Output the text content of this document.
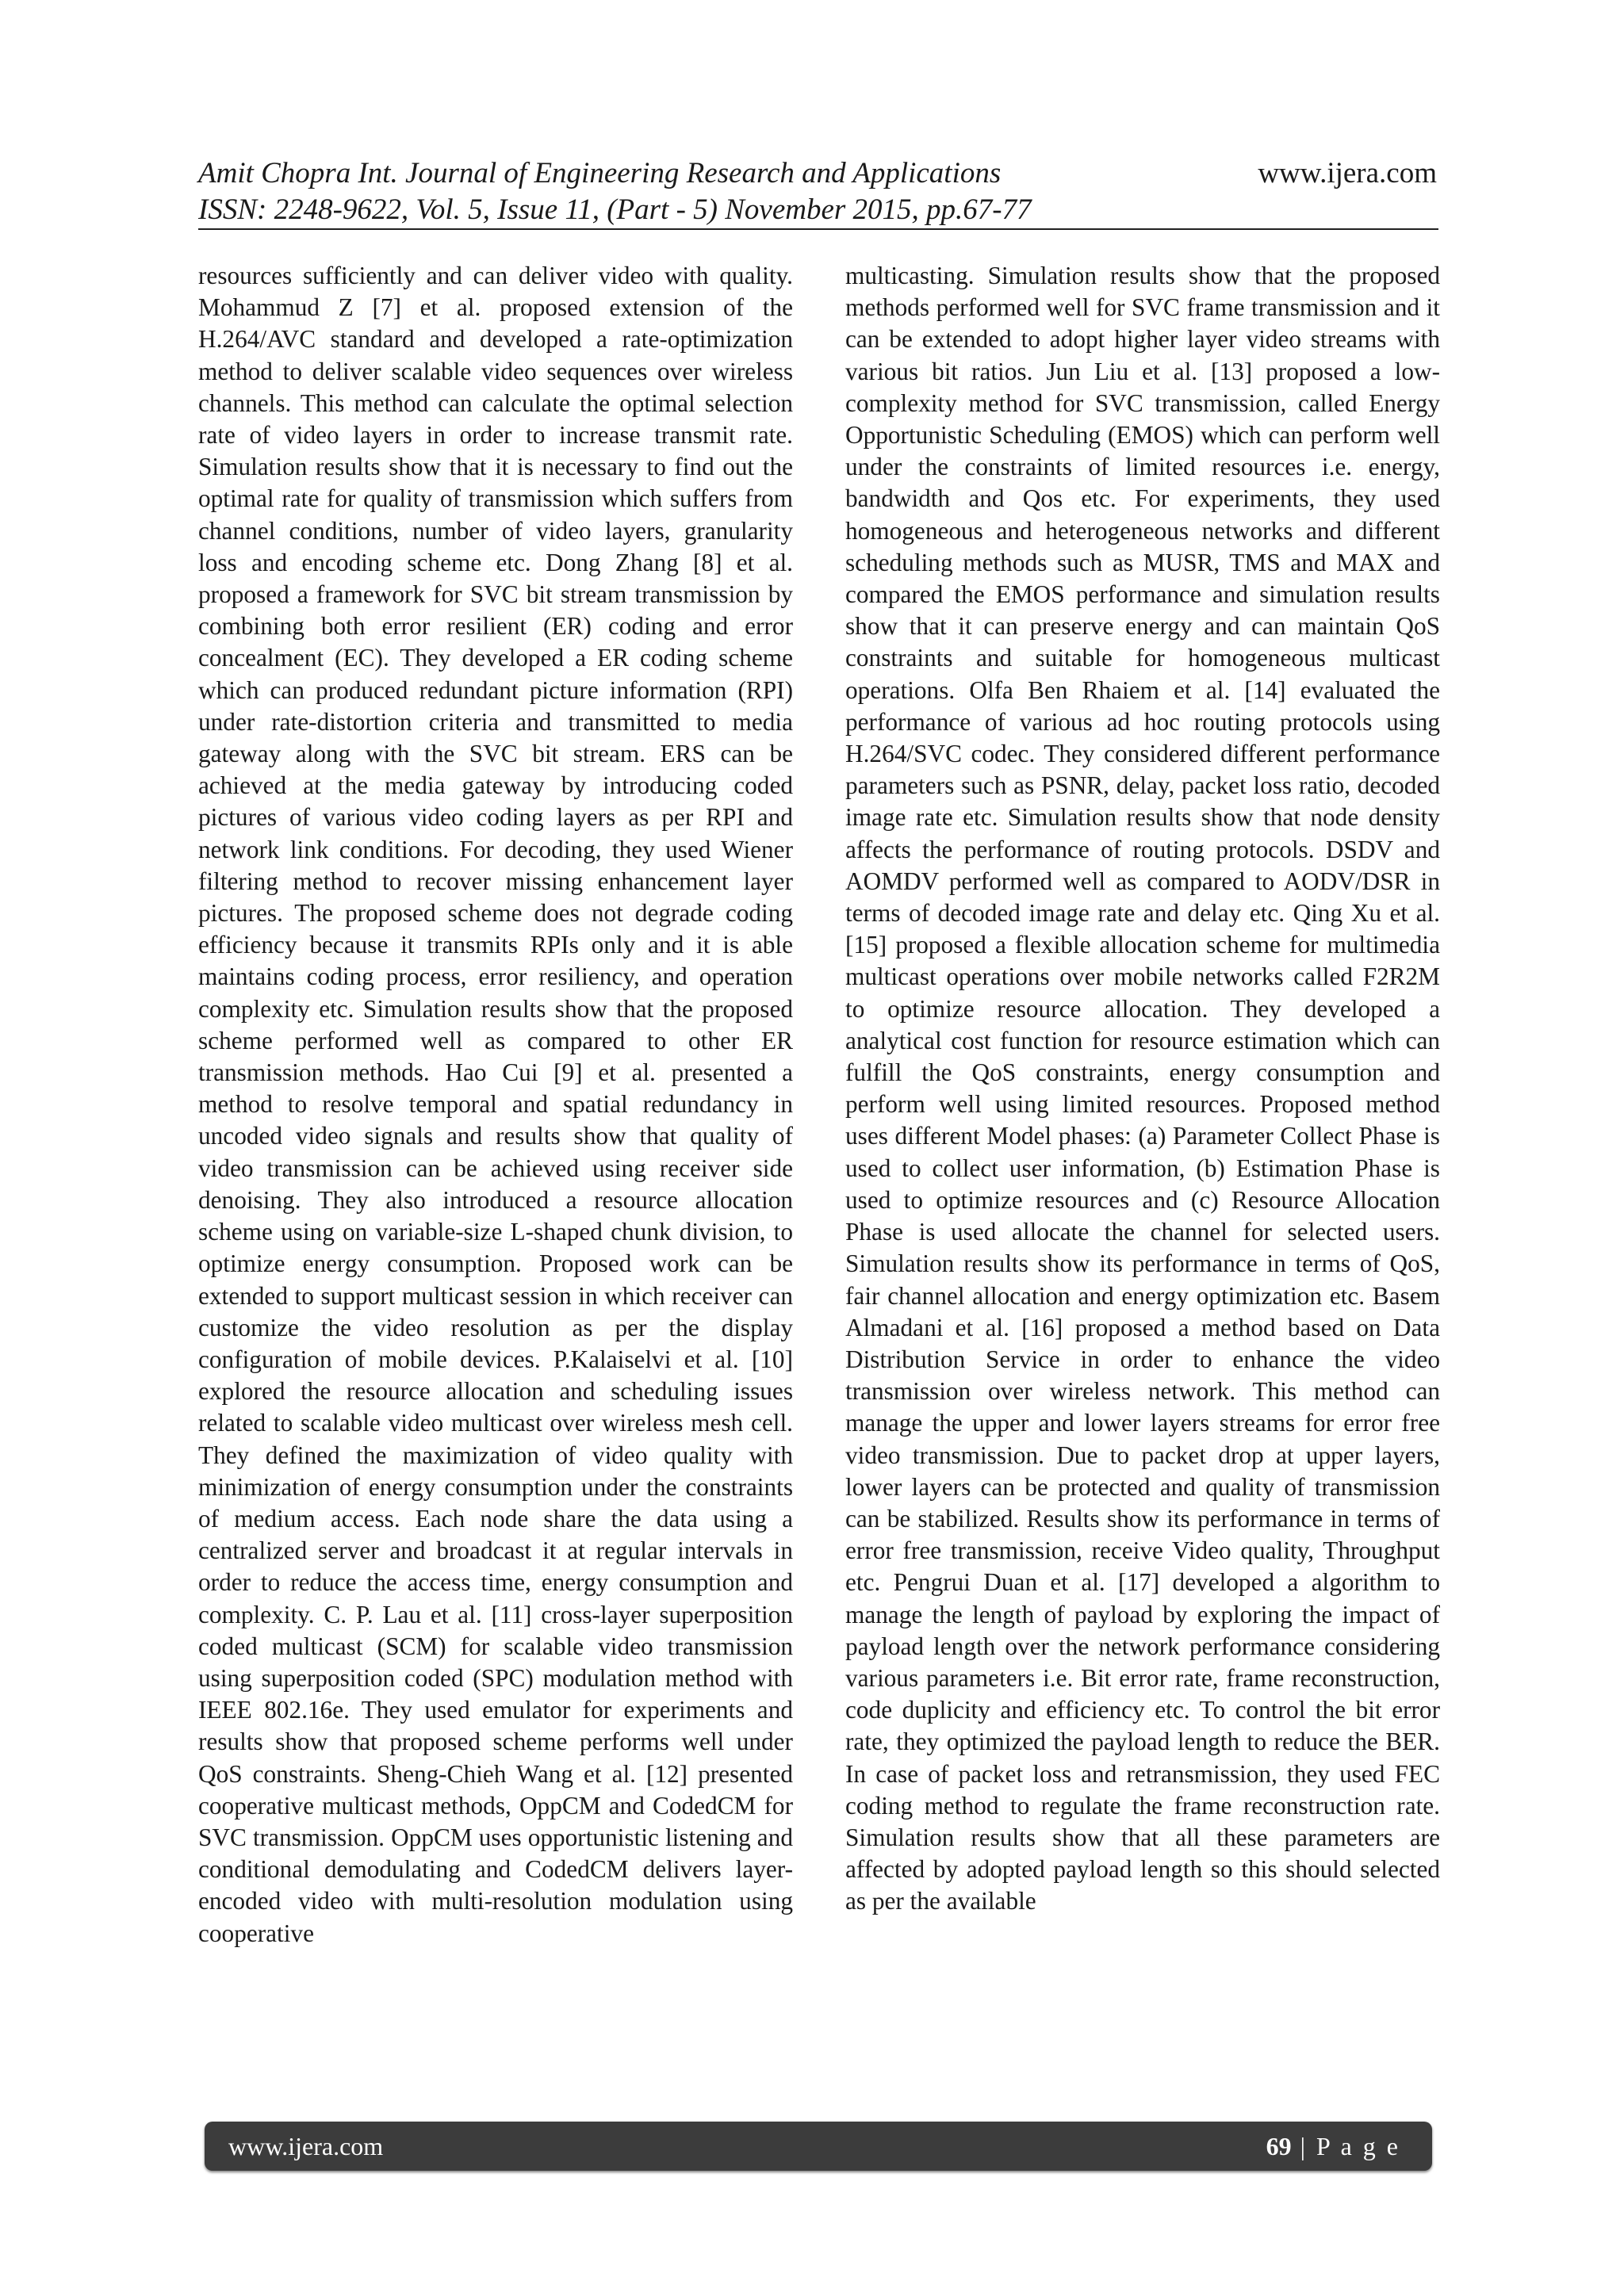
Amit Chopra Int. Journal of Engineering Research and Applications
ISSN: 2248-9622, Vol. 5, Issue 11, (Part - 5) November 2015, pp.67-77
www.ijera.com

resources sufficiently and can deliver video with quality. Mohammud Z [7] et al. proposed extension of the H.264/AVC standard and developed a rate-optimization method to deliver scalable video sequences over wireless channels. This method can calculate the optimal selection rate of video layers in order to increase transmit rate. Simulation results show that it is necessary to find out the optimal rate for quality of transmission which suffers from channel conditions, number of video layers, granularity loss and encoding scheme etc. Dong Zhang [8] et al. proposed a framework for SVC bit stream transmission by combining both error resilient (ER) coding and error concealment (EC). They developed a ER coding scheme which can produced redundant picture information (RPI) under rate-distortion criteria and transmitted to media gateway along with the SVC bit stream. ERS can be achieved at the media gateway by introducing coded pictures of various video coding layers as per RPI and network link conditions. For decoding, they used Wiener filtering method to recover missing enhancement layer pictures. The proposed scheme does not degrade coding efficiency because it transmits RPIs only and it is able maintains coding process, error resiliency, and operation complexity etc. Simulation results show that the proposed scheme performed well as compared to other ER transmission methods. Hao Cui [9] et al. presented a method to resolve temporal and spatial redundancy in uncoded video signals and results show that quality of video transmission can be achieved using receiver side denoising. They also introduced a resource allocation scheme using on variable-size L-shaped chunk division, to optimize energy consumption. Proposed work can be extended to support multicast session in which receiver can customize the video resolution as per the display configuration of mobile devices. P.Kalaiselvi et al. [10] explored the resource allocation and scheduling issues related to scalable video multicast over wireless mesh cell. They defined the maximization of video quality with minimization of energy consumption under the constraints of medium access. Each node share the data using a centralized server and broadcast it at regular intervals in order to reduce the access time, energy consumption and complexity. C. P. Lau et al. [11] cross-layer superposition coded multicast (SCM) for scalable video transmission using superposition coded (SPC) modulation method with IEEE 802.16e. They used emulator for experiments and results show that proposed scheme performs well under QoS constraints. Sheng-Chieh Wang et al. [12] presented cooperative multicast methods, OppCM and CodedCM for SVC transmission. OppCM uses opportunistic listening and conditional demodulating and CodedCM delivers layer-encoded video with multi-resolution modulation using cooperative

multicasting. Simulation results show that the proposed methods performed well for SVC frame transmission and it can be extended to adopt higher layer video streams with various bit ratios. Jun Liu et al. [13] proposed a low-complexity method for SVC transmission, called Energy Opportunistic Scheduling (EMOS) which can perform well under the constraints of limited resources i.e. energy, bandwidth and Qos etc. For experiments, they used homogeneous and heterogeneous networks and different scheduling methods such as MUSR, TMS and MAX and compared the EMOS performance and simulation results show that it can preserve energy and can maintain QoS constraints and suitable for homogeneous multicast operations. Olfa Ben Rhaiem et al. [14] evaluated the performance of various ad hoc routing protocols using H.264/SVC codec. They considered different performance parameters such as PSNR, delay, packet loss ratio, decoded image rate etc. Simulation results show that node density affects the performance of routing protocols. DSDV and AOMDV performed well as compared to AODV/DSR in terms of decoded image rate and delay etc. Qing Xu et al. [15] proposed a flexible allocation scheme for multimedia multicast operations over mobile networks called F2R2M to optimize resource allocation. They developed a analytical cost function for resource estimation which can fulfill the QoS constraints, energy consumption and perform well using limited resources. Proposed method uses different Model phases: (a) Parameter Collect Phase is used to collect user information, (b) Estimation Phase is used to optimize resources and (c) Resource Allocation Phase is used allocate the channel for selected users. Simulation results show its performance in terms of QoS, fair channel allocation and energy optimization etc. Basem Almadani et al. [16] proposed a method based on Data Distribution Service in order to enhance the video transmission over wireless network. This method can manage the upper and lower layers streams for error free video transmission. Due to packet drop at upper layers, lower layers can be protected and quality of transmission can be stabilized. Results show its performance in terms of error free transmission, receive Video quality, Throughput etc. Pengrui Duan et al. [17] developed a algorithm to manage the length of payload by exploring the impact of payload length over the network performance considering various parameters i.e. Bit error rate, frame reconstruction, code duplicity and efficiency etc. To control the bit error rate, they optimized the payload length to reduce the BER. In case of packet loss and retransmission, they used FEC coding method to regulate the frame reconstruction rate. Simulation results show that all these parameters are affected by adopted payload length so this should selected as per the available

www.ijera.com	69 | P a g e
